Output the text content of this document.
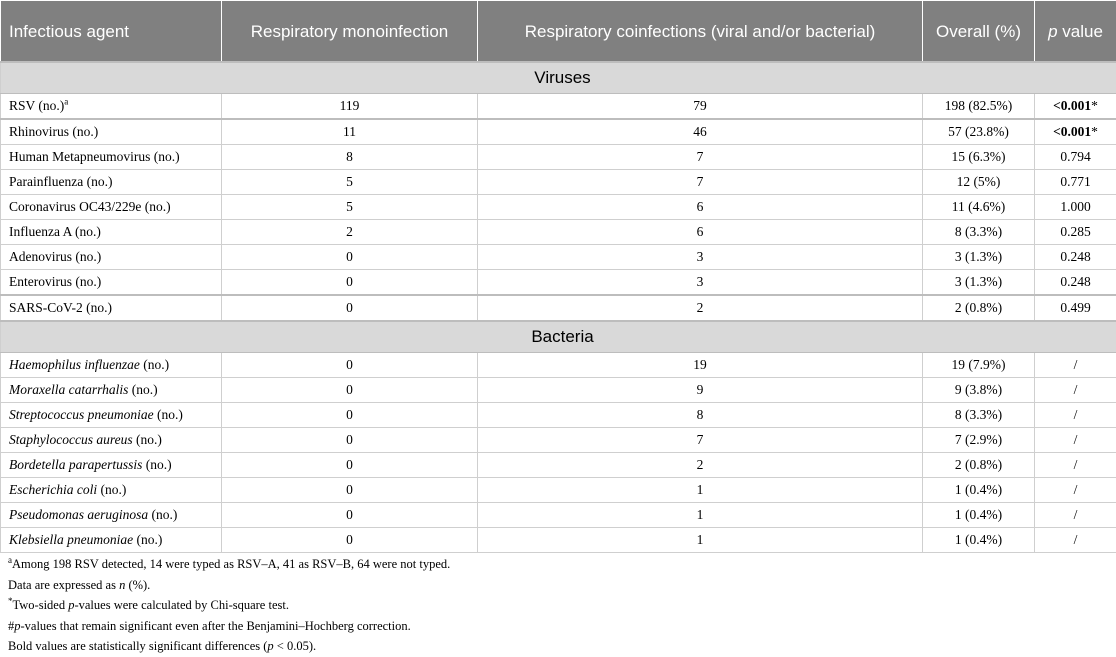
Infectious agent	Respiratory monoinfection	Respiratory coinfections (viral and/or bacterial)	Overall (%)	p value
Viruses				
RSV $(no.)^a$	119	79	198 (82.5%)	<0.001*
Rhinovirus (no.)	11	46	57 (23.8%)	<0.001*
Human Metapneumovirus (no.)	8	7	15 (6.3%)	0.794
Parainfluenza (no.)	5	7	12 (5%)	0.771
Coronavirus OC43/229e (no.)	5	6	11 (4.6%)	1.000
Influenza A (no.)	2	6	8 (3.3%)	0.285
Adenovirus (no.)	0	3	3 (1.3%)	0.248
Enterovirus (no.)	0	3	3 (1.3%)	0.248
SARS-CoV-2 (no.)	0	2	2 (0.8%)	0.499
Bacteria				
Haemophilus influenzae (no.)	0	19	19 (7.9%)	/
Moraxella catarrhalis (no.)	0	9	9 (3.8%)	/
Streptococcus pneumoniae (no.)	0	8	8 (3.3%)	/
Staphylococcus aureus (no.)	0	7	7 (2.9%)	/
Bordetella parapertussis (no.)	0	2	2 (0.8%)	/
Escherichia coli (no.)	0	1	1 (0.4%)	/
Pseudomonas aeruginosa (no.)	0	1	1 (0.4%)	/
Klebsiella pneumoniae (no.)	0	1	1 (0.4%)	/
$^a$Among 198 RSV detected, 14 were typed as RSV–A, 41 as RSV–B, 64 were not typed.
Data are expressed as n (%).
*Two-sided p-values were calculated by Chi-square test.
#p-values that remain significant even after the Benjamini–Hochberg correction.
Bold values are statistically significant differences (p < 0.05).
